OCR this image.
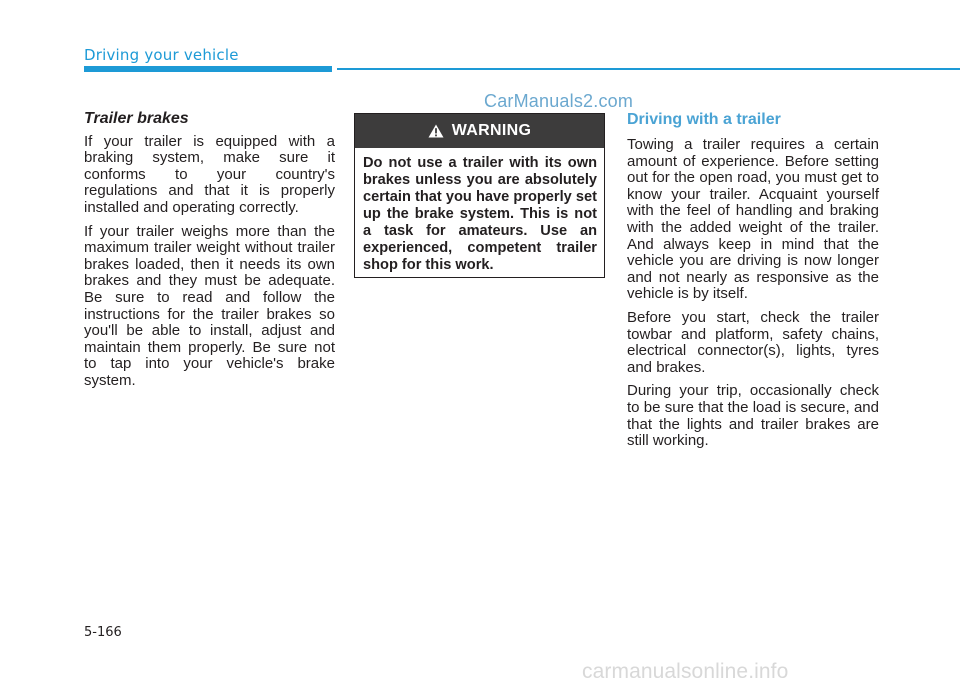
Driving your vehicle
CarManuals2.com
Trailer brakes

If your trailer is equipped with a braking system, make sure it conforms to your country's regulations and that it is properly installed and operating correctly.

If your trailer weighs more than the maximum trailer weight without trailer brakes loaded, then it needs its own brakes and they must be adequate. Be sure to read and follow the instructions for the trailer brakes so you'll be able to install, adjust and maintain them properly. Be sure not to tap into your vehicle's brake system.

WARNING
Do not use a trailer with its own brakes unless you are absolutely certain that you have properly set up the brake system. This is not a task for amateurs. Use an experienced, competent trailer shop for this work.
Driving with a trailer

Towing a trailer requires a certain amount of experience. Before setting out for the open road, you must get to know your trailer. Acquaint yourself with the feel of handling and braking with the added weight of the trailer. And always keep in mind that the vehicle you are driving is now longer and not nearly as responsive as the vehicle is by itself.

Before you start, check the trailer towbar and platform, safety chains, electrical connector(s), lights, tyres and brakes.

During your trip, occasionally check to be sure that the load is secure, and that the lights and trailer brakes are still working.

5-166
carmanualsonline.info
